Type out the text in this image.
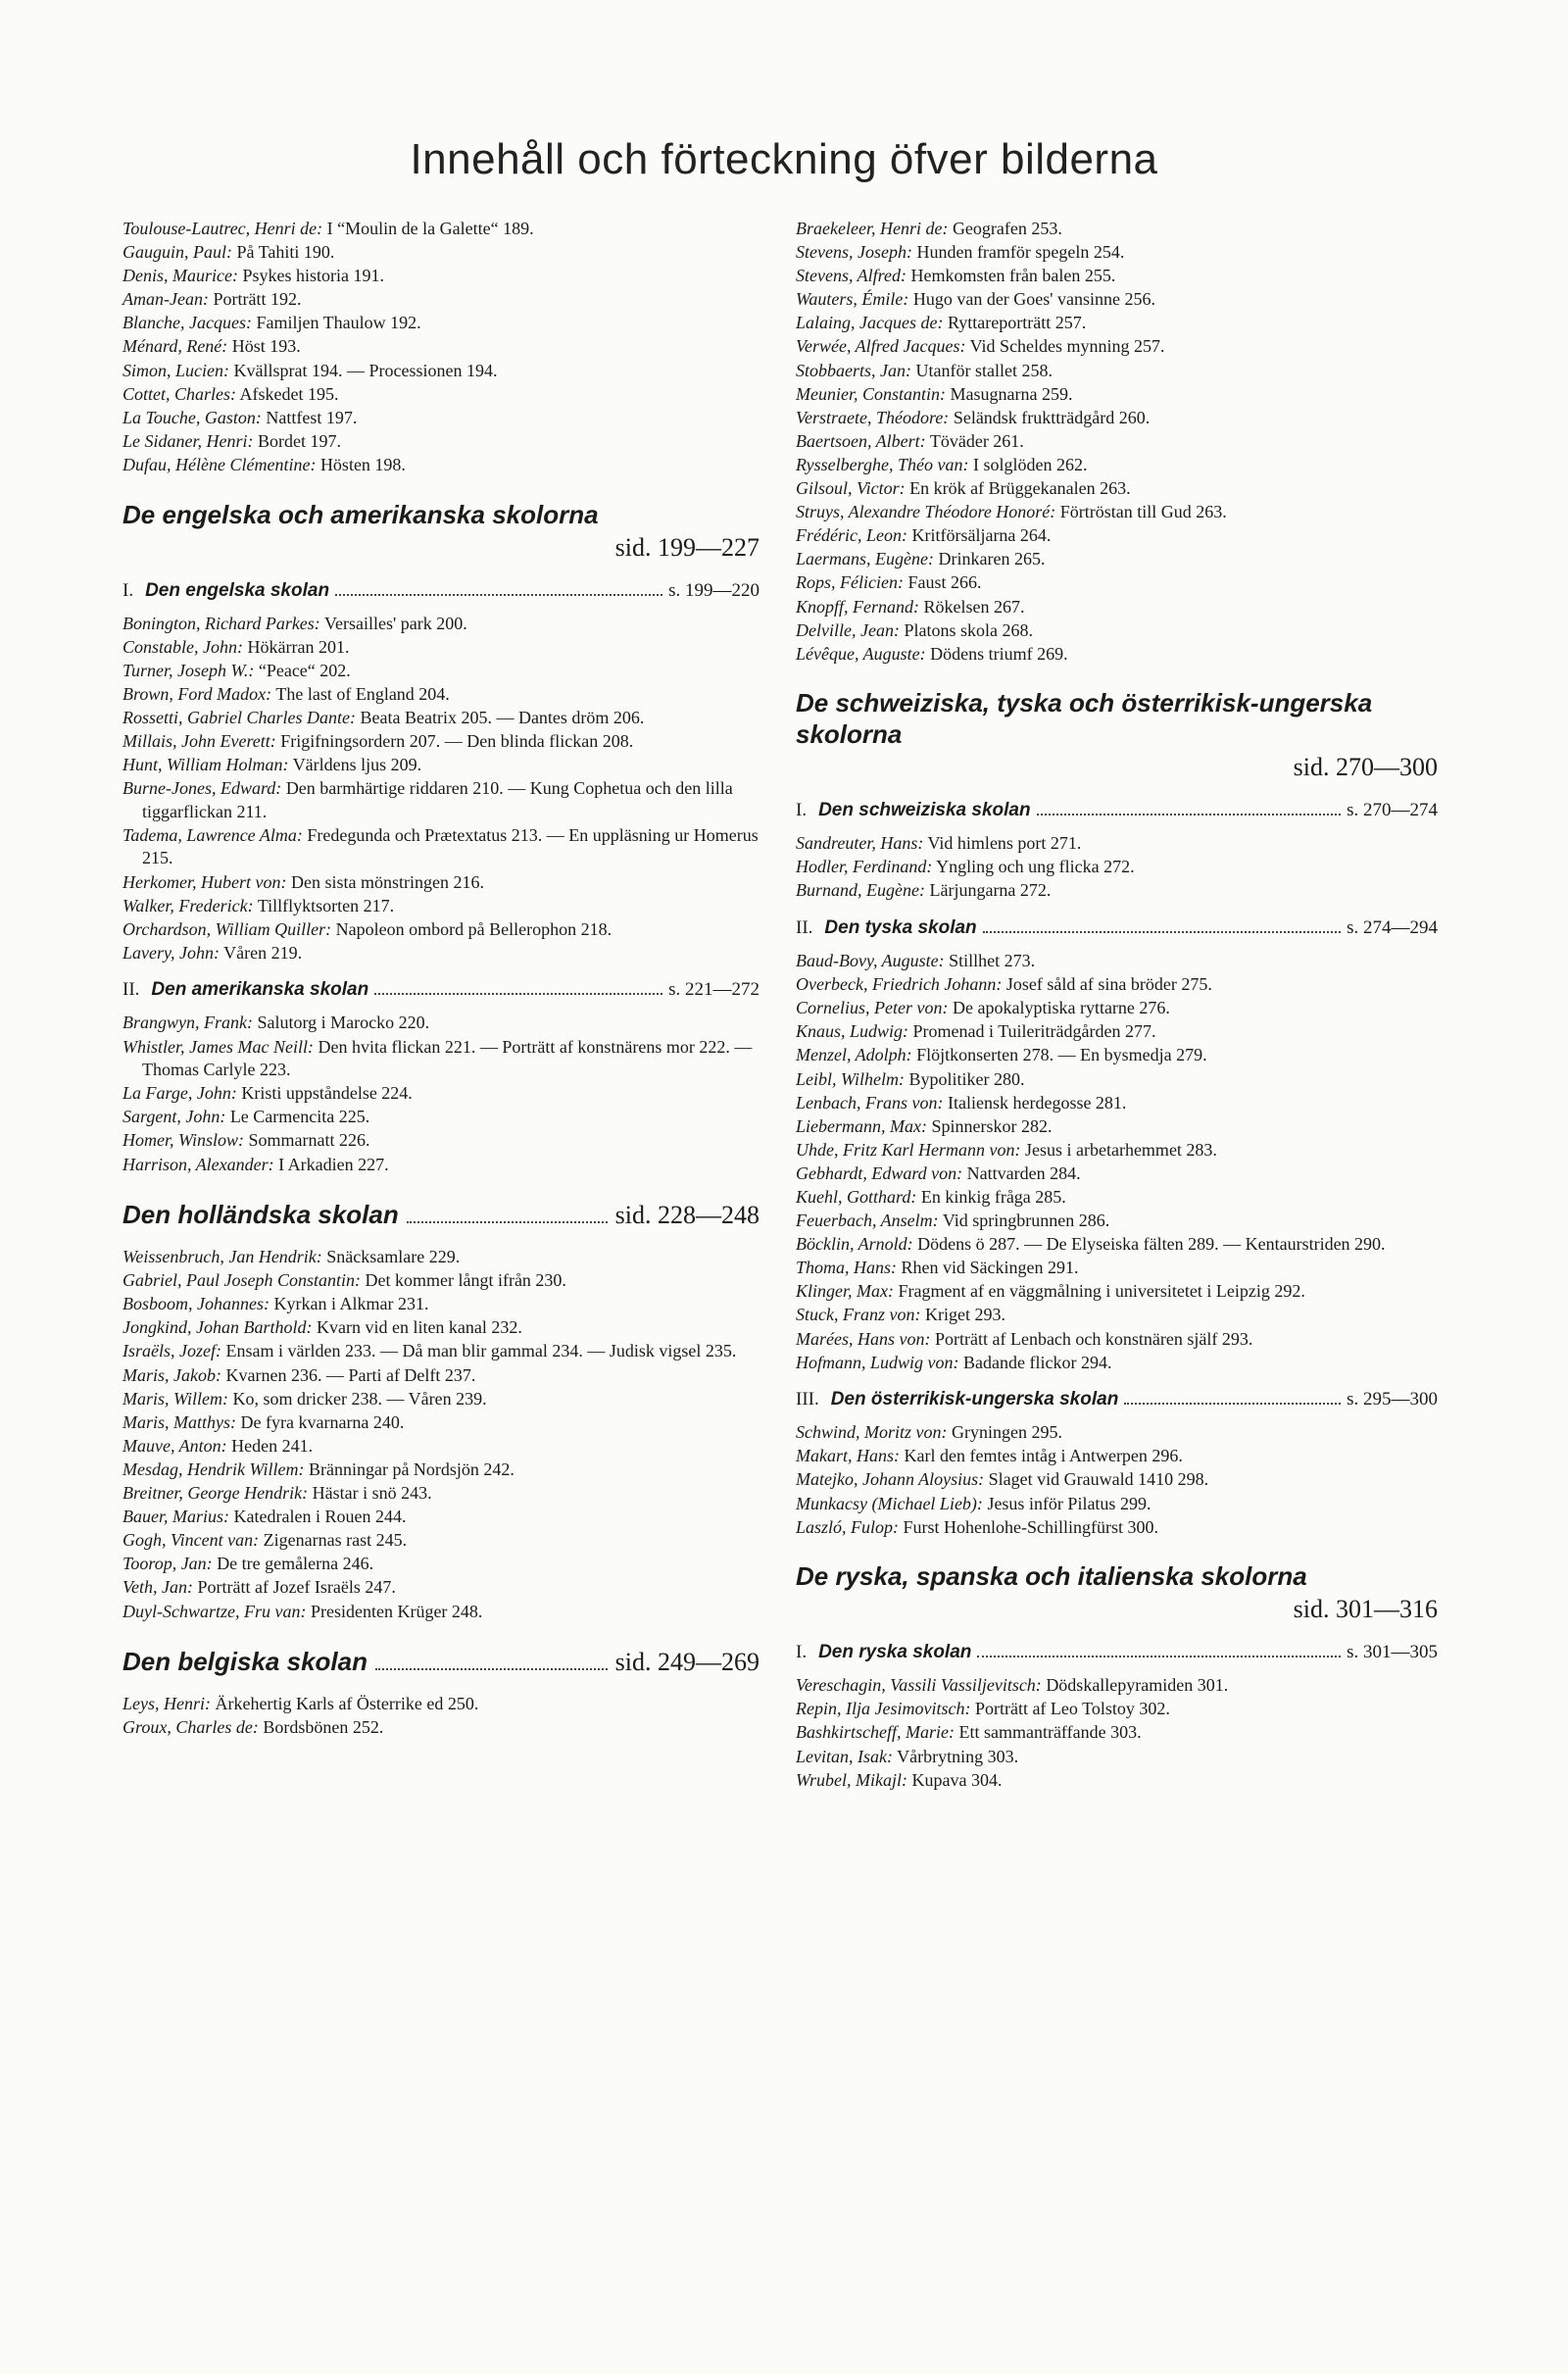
Innehåll och förteckning öfver bilderna
Toulouse-Lautrec, Henri de: I “Moulin de la Galette“ 189.
Gauguin, Paul: På Tahiti 190.
Denis, Maurice: Psykes historia 191.
Aman-Jean: Porträtt 192.
Blanche, Jacques: Familjen Thaulow 192.
Ménard, René: Höst 193.
Simon, Lucien: Kvällsprat 194. — Processionen 194.
Cottet, Charles: Afskedet 195.
La Touche, Gaston: Nattfest 197.
Le Sidaner, Henri: Bordet 197.
Dufau, Hélène Clémentine: Hösten 198.
De engelska och amerikanska skolorna
sid. 199—227
I. Den engelska skolan	s. 199—220
Bonington, Richard Parkes: Versailles' park 200.
Constable, John: Hökärran 201.
Turner, Joseph W.: “Peace“ 202.
Brown, Ford Madox: The last of England 204.
Rossetti, Gabriel Charles Dante: Beata Beatrix 205. — Dantes dröm 206.
Millais, John Everett: Frigifningsordern 207. — Den blinda flickan 208.
Hunt, William Holman: Världens ljus 209.
Burne-Jones, Edward: Den barmhärtige riddaren 210. — Kung Cophetua och den lilla tiggarflickan 211.
Tadema, Lawrence Alma: Fredegunda och Prætextatus 213. — En uppläsning ur Homerus 215.
Herkomer, Hubert von: Den sista mönstringen 216.
Walker, Frederick: Tillflyktsorten 217.
Orchardson, William Quiller: Napoleon ombord på Bellerophon 218.
Lavery, John: Våren 219.
II. Den amerikanska skolan	s. 221—272
Brangwyn, Frank: Salutorg i Marocko 220.
Whistler, James Mac Neill: Den hvita flickan 221. — Porträtt af konstnärens mor 222. — Thomas Carlyle 223.
La Farge, John: Kristi uppståndelse 224.
Sargent, John: Le Carmencita 225.
Homer, Winslow: Sommarnatt 226.
Harrison, Alexander: I Arkadien 227.
Den holländska skolan	sid. 228—248
Weissenbruch, Jan Hendrik: Snäcksamlare 229.
Gabriel, Paul Joseph Constantin: Det kommer långt ifrån 230.
Bosboom, Johannes: Kyrkan i Alkmar 231.
Jongkind, Johan Barthold: Kvarn vid en liten kanal 232.
Israëls, Jozef: Ensam i världen 233. — Då man blir gammal 234. — Judisk vigsel 235.
Maris, Jakob: Kvarnen 236. — Parti af Delft 237.
Maris, Willem: Ko, som dricker 238. — Våren 239.
Maris, Matthys: De fyra kvarnarna 240.
Mauve, Anton: Heden 241.
Mesdag, Hendrik Willem: Bränningar på Nordsjön 242.
Breitner, George Hendrik: Hästar i snö 243.
Bauer, Marius: Katedralen i Rouen 244.
Gogh, Vincent van: Zigenarnas rast 245.
Toorop, Jan: De tre gemålerna 246.
Veth, Jan: Porträtt af Jozef Israëls 247.
Duyl-Schwartze, Fru van: Presidenten Krüger 248.
Den belgiska skolan	sid. 249—269
Leys, Henri: Ärkehertig Karls af Österrike ed 250.
Groux, Charles de: Bordsbönen 252.
Braekeleer, Henri de: Geografen 253.
Stevens, Joseph: Hunden framför spegeln 254.
Stevens, Alfred: Hemkomsten från balen 255.
Wauters, Émile: Hugo van der Goes' vansinne 256.
Lalaing, Jacques de: Ryttareporträtt 257.
Verwée, Alfred Jacques: Vid Scheldes mynning 257.
Stobbaerts, Jan: Utanför stallet 258.
Meunier, Constantin: Masugnarna 259.
Verstraete, Théodore: Seländsk fruktträdgård 260.
Baertsoen, Albert: Töväder 261.
Rysselberghe, Théo van: I solglöden 262.
Gilsoul, Victor: En krök af Brüggekanalen 263.
Struys, Alexandre Théodore Honoré: Förtröstan till Gud 263.
Frédéric, Leon: Kritförsäljarna 264.
Laermans, Eugène: Drinkaren 265.
Rops, Félicien: Faust 266.
Knopff, Fernand: Rökelsen 267.
Delville, Jean: Platons skola 268.
Lévêque, Auguste: Dödens triumf 269.
De schweiziska, tyska och österrikisk-ungerska skolorna
sid. 270—300
I. Den schweiziska skolan	s. 270—274
Sandreuter, Hans: Vid himlens port 271.
Hodler, Ferdinand: Yngling och ung flicka 272.
Burnand, Eugène: Lärjungarna 272.
II. Den tyska skolan	s. 274—294
Baud-Bovy, Auguste: Stillhet 273.
Overbeck, Friedrich Johann: Josef såld af sina bröder 275.
Cornelius, Peter von: De apokalyptiska ryttarne 276.
Knaus, Ludwig: Promenad i Tuileriträdgården 277.
Menzel, Adolph: Flöjtkonserten 278. — En bysmedja 279.
Leibl, Wilhelm: Bypolitiker 280.
Lenbach, Frans von: Italiensk herdegosse 281.
Liebermann, Max: Spinnerskor 282.
Uhde, Fritz Karl Hermann von: Jesus i arbetarhemmet 283.
Gebhardt, Edward von: Nattvarden 284.
Kuehl, Gotthard: En kinkig fråga 285.
Feuerbach, Anselm: Vid springbrunnen 286.
Böcklin, Arnold: Dödens ö 287. — De Elyseiska fälten 289. — Kentaurstriden 290.
Thoma, Hans: Rhen vid Säckingen 291.
Klinger, Max: Fragment af en väggmålning i universitetet i Leipzig 292.
Stuck, Franz von: Kriget 293.
Marées, Hans von: Porträtt af Lenbach och konstnären själf 293.
Hofmann, Ludwig von: Badande flickor 294.
III. Den österrikisk-ungerska skolan	s. 295—300
Schwind, Moritz von: Gryningen 295.
Makart, Hans: Karl den femtes intåg i Antwerpen 296.
Matejko, Johann Aloysius: Slaget vid Grauwald 1410 298.
Munkacsy (Michael Lieb): Jesus inför Pilatus 299.
Laszló, Fulop: Furst Hohenlohe-Schillingfürst 300.
De ryska, spanska och italienska skolorna
sid. 301—316
I. Den ryska skolan	s. 301—305
Vereschagin, Vassili Vassiljevitsch: Dödskallepyramiden 301.
Repin, Ilja Jesimovitsch: Porträtt af Leo Tolstoy 302.
Bashkirtscheff, Marie: Ett sammanträffande 303.
Levitan, Isak: Vårbrytning 303.
Wrubel, Mikajl: Kupava 304.
